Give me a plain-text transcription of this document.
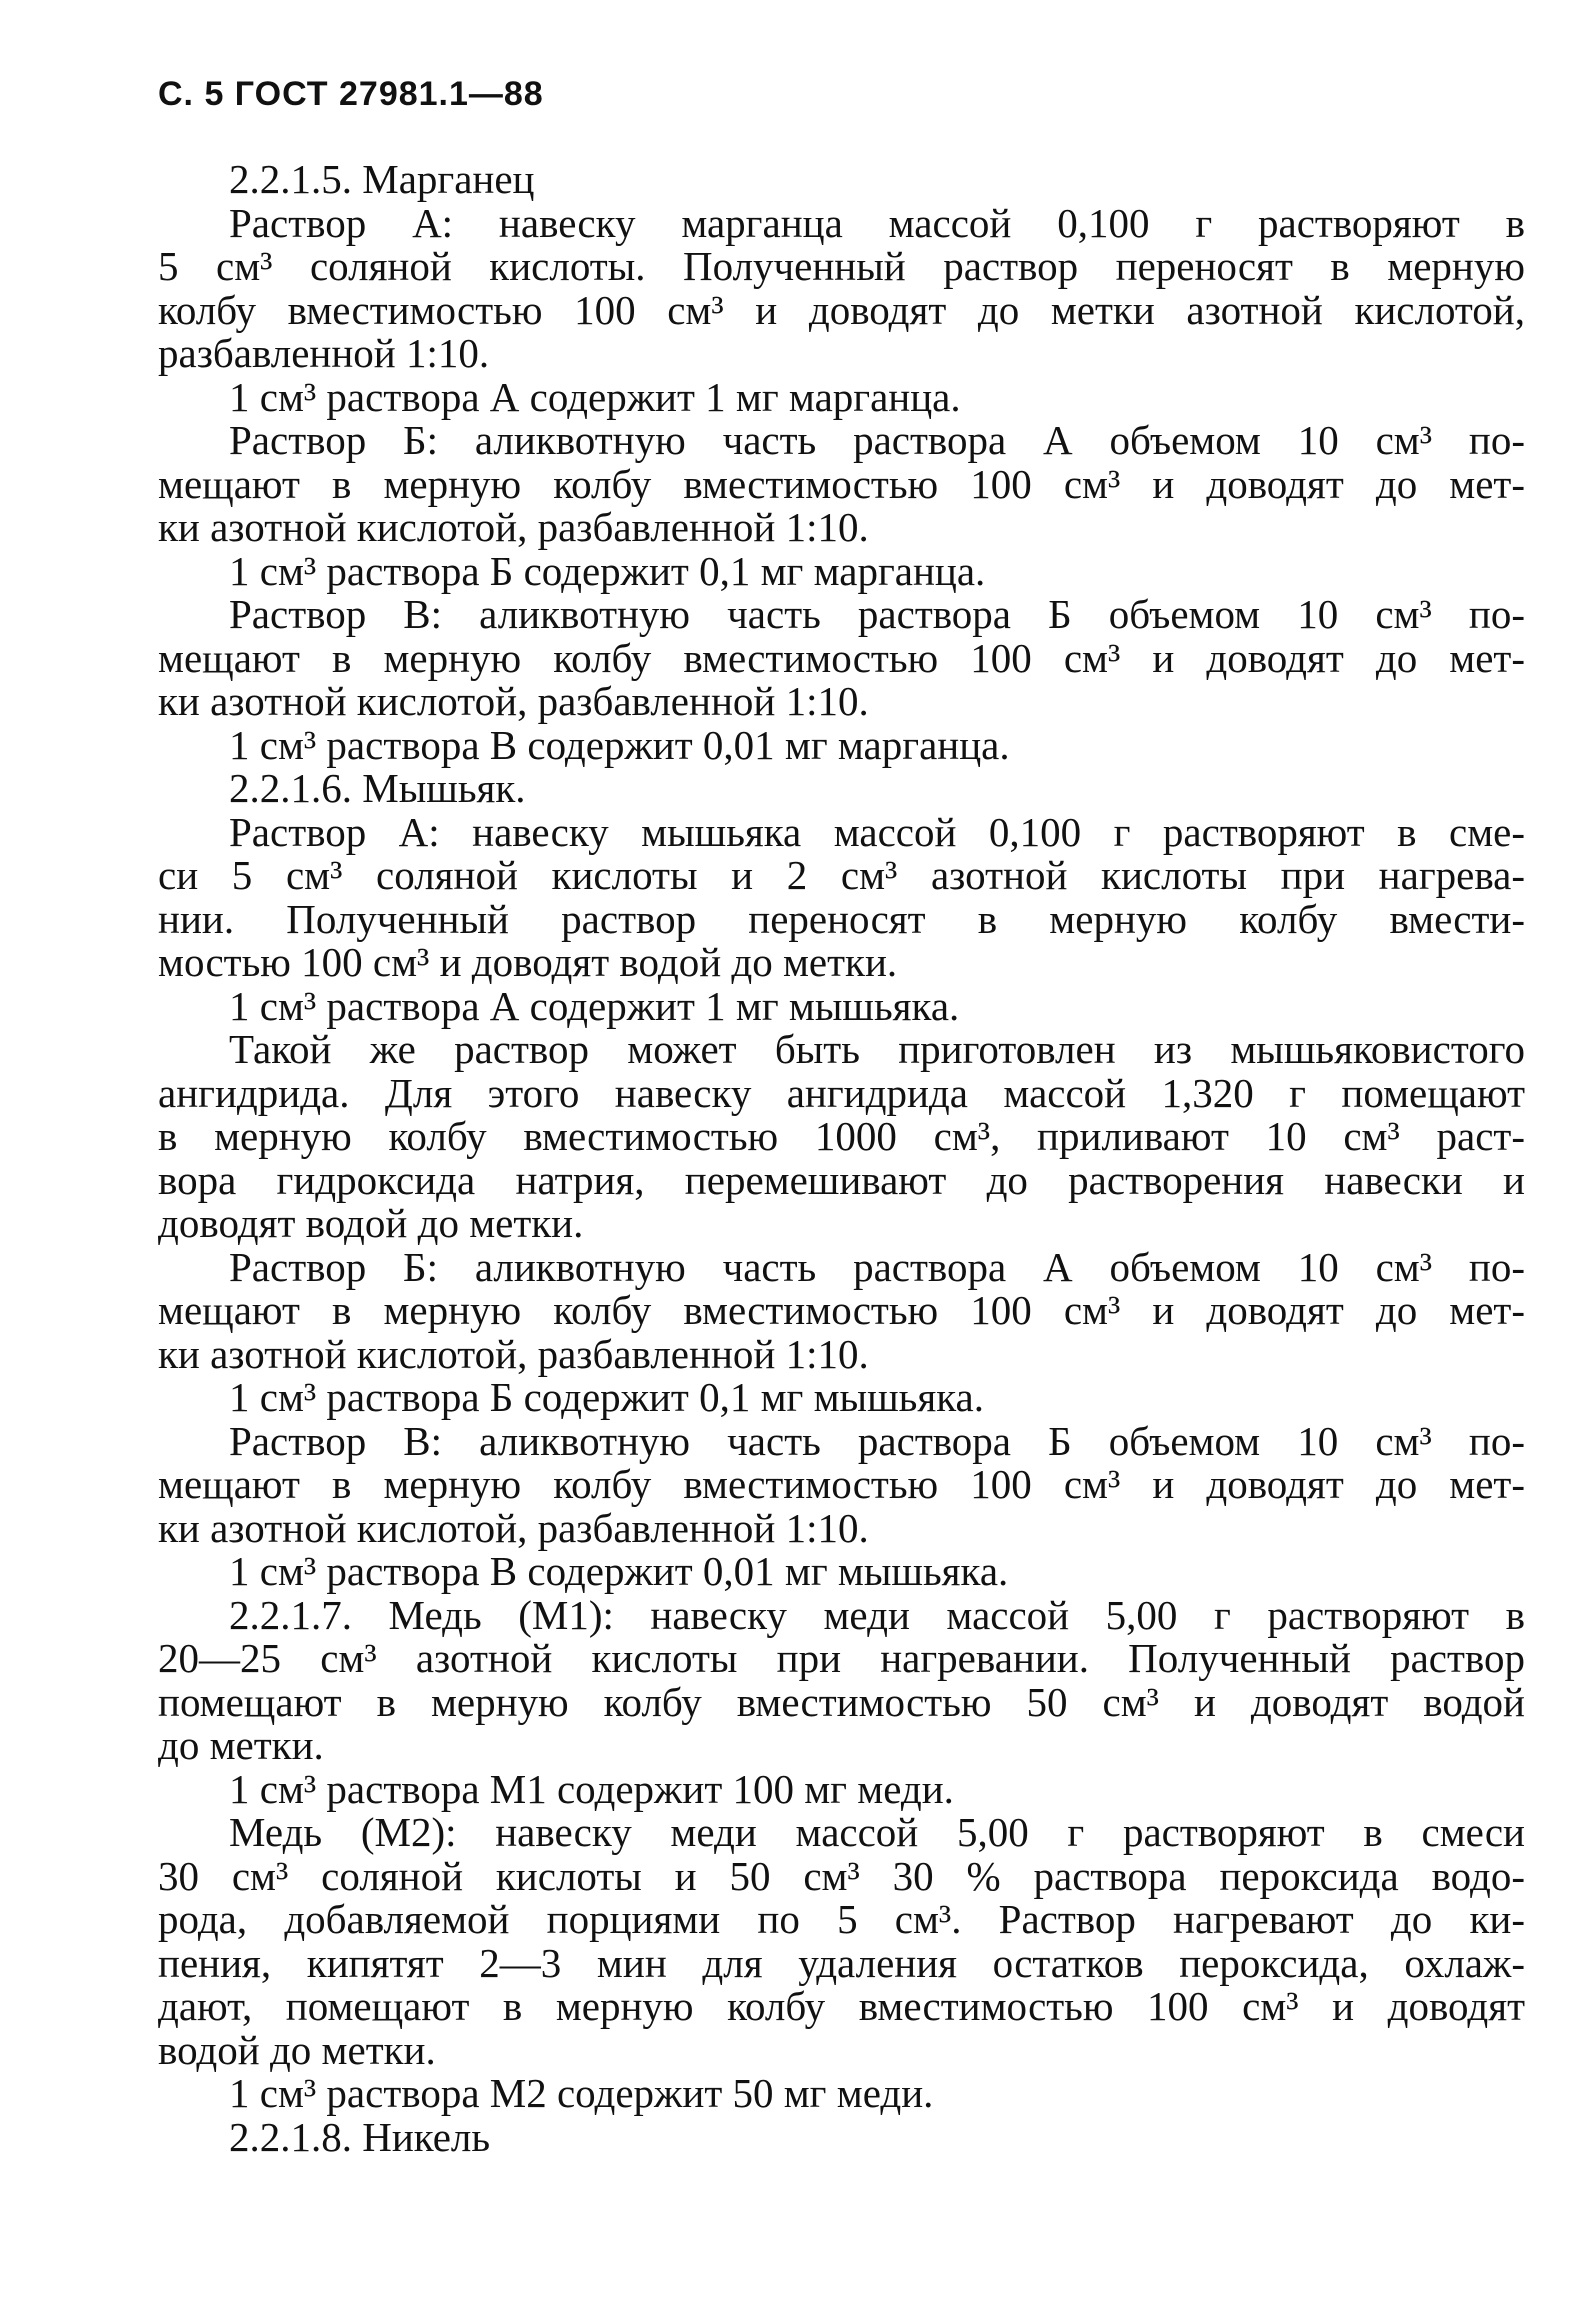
С. 5 ГОСТ 27981.1—88
2.2.1.5. Марганец
Раствор А: навеску марганца массой 0,100 г растворяют в
5 см³ соляной кислоты. Полученный раствор переносят в мерную
колбу вместимостью 100 см³ и доводят до метки азотной кислотой,
разбавленной 1:10.
1 см³ раствора А содержит 1 мг марганца.
Раствор Б: аликвотную часть раствора А объемом 10 см³ по-
мещают в мерную колбу вместимостью 100 см³ и доводят до мет-
ки азотной кислотой, разбавленной 1:10.
1 см³ раствора Б содержит 0,1 мг марганца.
Раствор В: аликвотную часть раствора Б объемом 10 см³ по-
мещают в мерную колбу вместимостью 100 см³ и доводят до мет-
ки азотной кислотой, разбавленной 1:10.
1 см³ раствора В содержит 0,01 мг марганца.
2.2.1.6. Мышьяк.
Раствор А: навеску мышьяка массой 0,100 г растворяют в сме-
си 5 см³ соляной кислоты и 2 см³ азотной кислоты при нагрева-
нии. Полученный раствор переносят в мерную колбу вмести-
мостью 100 см³ и доводят водой до метки.
1 см³ раствора А содержит 1 мг мышьяка.
Такой же раствор может быть приготовлен из мышьяковистого
ангидрида. Для этого навеску ангидрида массой 1,320 г помещают
в мерную колбу вместимостью 1000 см³, приливают 10 см³ раст-
вора гидроксида натрия, перемешивают до растворения навески и
доводят водой до метки.
Раствор Б: аликвотную часть раствора А объемом 10 см³ по-
мещают в мерную колбу вместимостью 100 см³ и доводят до мет-
ки азотной кислотой, разбавленной 1:10.
1 см³ раствора Б содержит 0,1 мг мышьяка.
Раствор В: аликвотную часть раствора Б объемом 10 см³ по-
мещают в мерную колбу вместимостью 100 см³ и доводят до мет-
ки азотной кислотой, разбавленной 1:10.
1 см³ раствора В содержит 0,01 мг мышьяка.
2.2.1.7. Медь (М1): навеску меди массой 5,00 г растворяют в
20—25 см³ азотной кислоты при нагревании. Полученный раствор
помещают в мерную колбу вместимостью 50 см³ и доводят водой
до метки.
1 см³ раствора М1 содержит 100 мг меди.
Медь (М2): навеску меди массой 5,00 г растворяют в смеси
30 см³ соляной кислоты и 50 см³ 30 % раствора пероксида водо-
рода, добавляемой порциями по 5 см³. Раствор нагревают до ки-
пения, кипятят 2—3 мин для удаления остатков пероксида, охлаж-
дают, помещают в мерную колбу вместимостью 100 см³ и доводят
водой до метки.
1 см³ раствора М2 содержит 50 мг меди.
2.2.1.8. Никель
